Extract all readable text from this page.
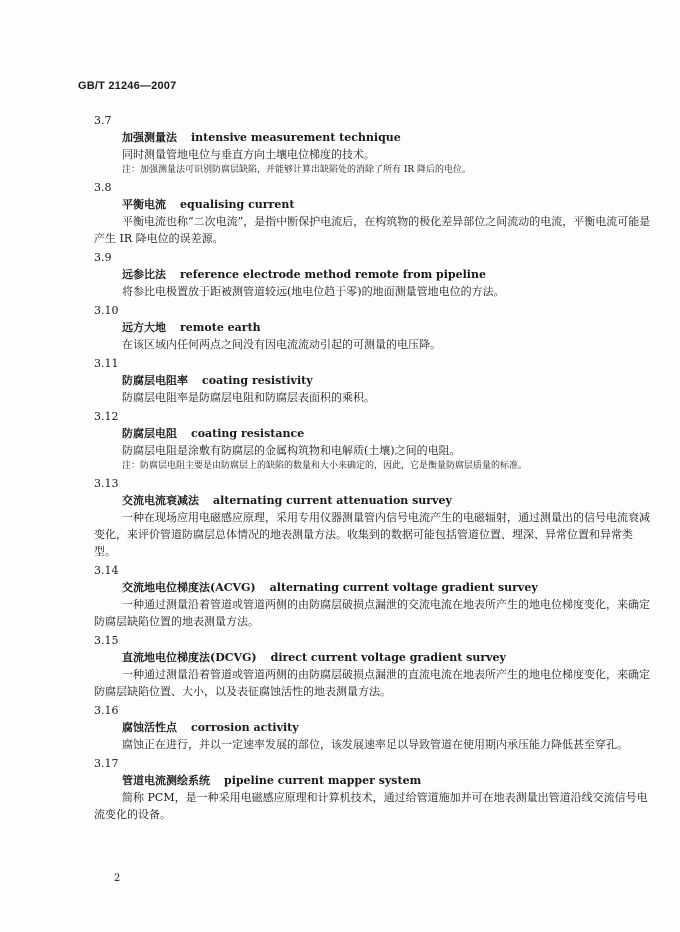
GB/T 21246—2007
3.7
加强测量法 intensive measurement technique
同时测量管地电位与垂直方向土壤电位梯度的技术。
注：加强测量法可识别防腐层缺陷，并能够计算出缺陷处的消除了所有 IR 降后的电位。
3.8
平衡电流 equalising current
平衡电流也称“二次电流”，是指中断保护电流后，在构筑物的极化差异部位之间流动的电流，平衡电流可能是产生 IR 降电位的误差源。
3.9
远参比法 reference electrode method remote from pipeline
将参比电极置放于距被测管道较远(地电位趋于零)的地面测量管地电位的方法。
3.10
远方大地 remote earth
在该区域内任何两点之间没有因电流流动引起的可测量的电压降。
3.11
防腐层电阻率 coating resistivity
防腐层电阻率是防腐层电阻和防腐层表面积的乘积。
3.12
防腐层电阻 coating resistance
防腐层电阻是涂敷有防腐层的金属构筑物和电解质(土壤)之间的电阻。
注：防腐层电阻主要是由防腐层上的缺陷的数量和大小来确定的，因此，它是衡量防腐层质量的标准。
3.13
交流电流衰减法 alternating current attenuation survey
一种在现场应用电磁感应原理，采用专用仪器测量管内信号电流产生的电磁辐射，通过测量出的信号电流衰减变化，来评价管道防腐层总体情况的地表测量方法。收集到的数据可能包括管道位置、埋深、异常位置和异常类型。
3.14
交流地电位梯度法(ACVG) alternating current voltage gradient survey
一种通过测量沿着管道或管道两侧的由防腐层破损点漏泄的交流电流在地表所产生的地电位梯度变化，来确定防腐层缺陷位置的地表测量方法。
3.15
直流地电位梯度法(DCVG) direct current voltage gradient survey
一种通过测量沿着管道或管道两侧的由防腐层破损点漏泄的直流电流在地表所产生的地电位梯度变化，来确定防腐层缺陷位置、大小，以及表征腐蚀活性的地表测量方法。
3.16
腐蚀活性点 corrosion activity
腐蚀正在进行，并以一定速率发展的部位，该发展速率足以导致管道在使用期内承压能力降低甚至穿孔。
3.17
管道电流测绘系统 pipeline current mapper system
简称 PCM，是一种采用电磁感应原理和计算机技术，通过给管道施加并可在地表测量出管道沿线交流信号电流变化的设备。
2
